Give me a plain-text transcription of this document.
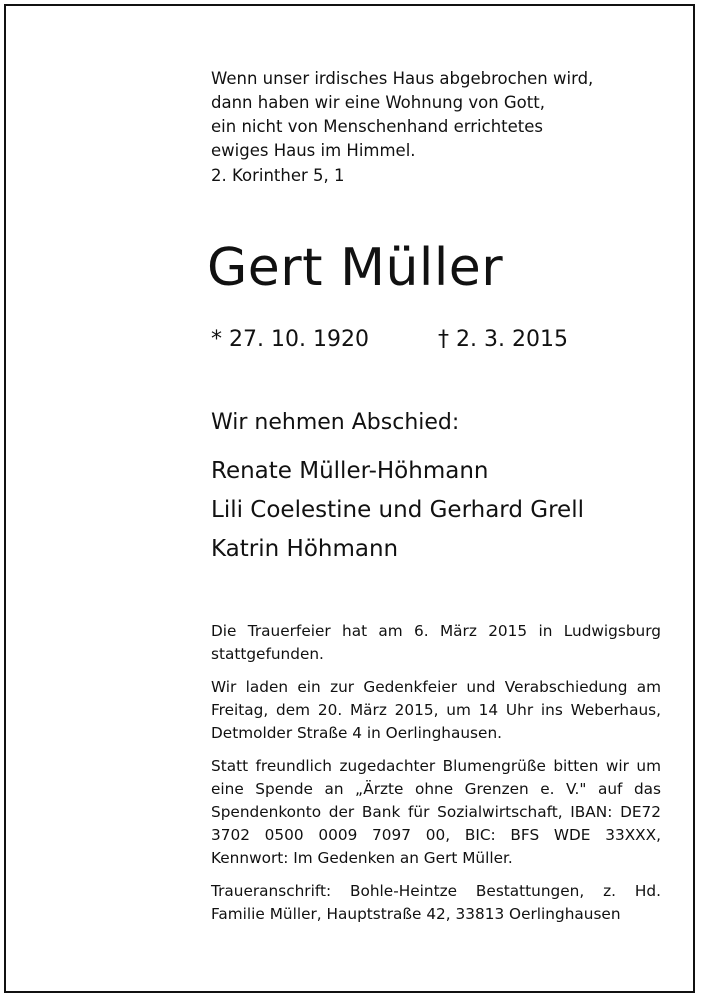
Wenn unser irdisches Haus abgebrochen wird,
dann haben wir eine Wohnung von Gott,
ein nicht von Menschenhand errichtetes
ewiges Haus im Himmel.
2. Korinther 5, 1
Gert Müller
* 27. 10. 1920	† 2. 3. 2015
Wir nehmen Abschied:
Renate Müller-Höhmann
Lili Coelestine und Gerhard Grell
Katrin Höhmann

Die Trauerfeier hat am 6. März 2015 in Ludwigsburg stattgefunden.

Wir laden ein zur Gedenkfeier und Verabschiedung am Freitag, dem 20. März 2015, um 14 Uhr ins Weberhaus, Detmolder Straße 4 in Oerlinghausen.

Statt freundlich zugedachter Blumengrüße bitten wir um eine Spende an „Ärzte ohne Grenzen e. V." auf das Spendenkonto der Bank für Sozialwirtschaft, IBAN: DE72 3702 0500 0009 7097 00, BIC: BFS WDE 33XXX, Kennwort: Im Gedenken an Gert Müller.

Traueranschrift: Bohle-Heintze Bestattungen, z. Hd. Familie Müller, Hauptstraße 42, 33813 Oerlinghausen
